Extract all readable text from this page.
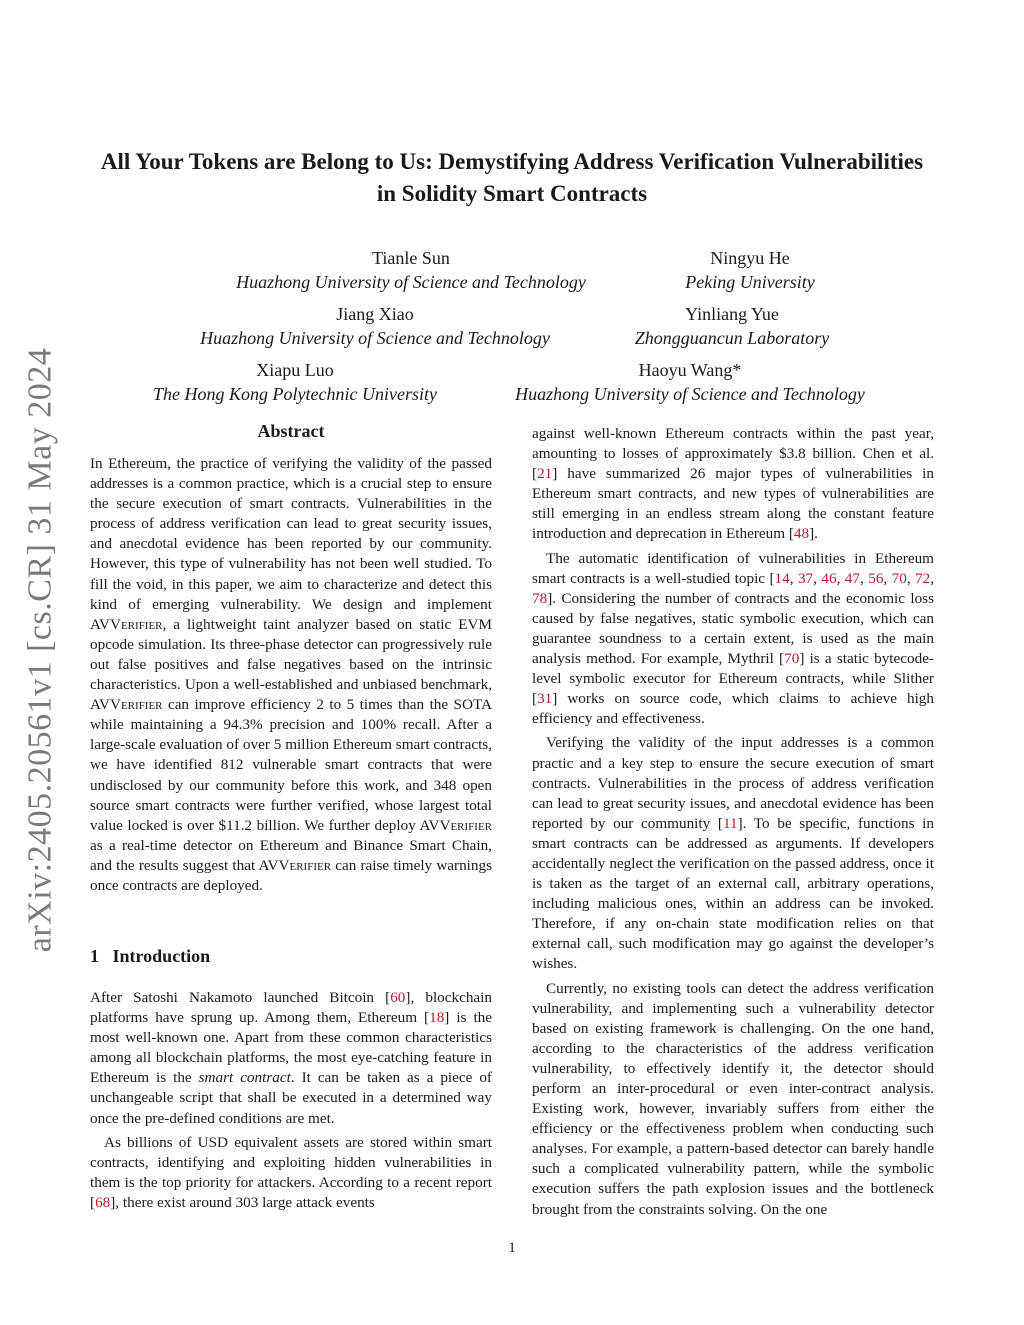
arXiv:2405.20561v1 [cs.CR] 31 May 2024
All Your Tokens are Belong to Us: Demystifying Address Verification Vulnerabilities
in Solidity Smart Contracts
Tianle Sun
Huazhong University of Science and Technology
Ningyu He
Peking University
Jiang Xiao
Huazhong University of Science and Technology
Yinliang Yue
Zhongguancun Laboratory
Xiapu Luo
The Hong Kong Polytechnic University
Haoyu Wang*
Huazhong University of Science and Technology
Abstract

In Ethereum, the practice of verifying the validity of the passed addresses is a common practice, which is a crucial step to ensure the secure execution of smart contracts. Vulnerabilities in the process of address verification can lead to great security issues, and anecdotal evidence has been reported by our community. However, this type of vulnerability has not been well studied. To fill the void, in this paper, we aim to characterize and detect this kind of emerging vulnerability. We design and implement AVVerifier, a lightweight taint analyzer based on static EVM opcode simulation. Its three-phase detector can progressively rule out false positives and false negatives based on the intrinsic characteristics. Upon a well-established and unbiased benchmark, AVVerifier can improve efficiency 2 to 5 times than the SOTA while maintaining a 94.3% precision and 100% recall. After a large-scale evaluation of over 5 million Ethereum smart contracts, we have identified 812 vulnerable smart contracts that were undisclosed by our community before this work, and 348 open source smart contracts were further verified, whose largest total value locked is over $11.2 billion. We further deploy AVVerifier as a real-time detector on Ethereum and Binance Smart Chain, and the results suggest that AVVerifier can raise timely warnings once contracts are deployed.

1 Introduction

After Satoshi Nakamoto launched Bitcoin [60], blockchain platforms have sprung up. Among them, Ethereum [18] is the most well-known one. Apart from these common characteristics among all blockchain platforms, the most eye-catching feature in Ethereum is the smart contract. It can be taken as a piece of unchangeable script that shall be executed in a determined way once the pre-defined conditions are met.

As billions of USD equivalent assets are stored within smart contracts, identifying and exploiting hidden vulnerabilities in them is the top priority for attackers. According to a recent report [68], there exist around 303 large attack events

against well-known Ethereum contracts within the past year, amounting to losses of approximately $3.8 billion. Chen et al. [21] have summarized 26 major types of vulnerabilities in Ethereum smart contracts, and new types of vulnerabilities are still emerging in an endless stream along the constant feature introduction and deprecation in Ethereum [48].

The automatic identification of vulnerabilities in Ethereum smart contracts is a well-studied topic [14, 37, 46, 47, 56, 70, 72, 78]. Considering the number of contracts and the economic loss caused by false negatives, static symbolic execution, which can guarantee soundness to a certain extent, is used as the main analysis method. For example, Mythril [70] is a static bytecode-level symbolic executor for Ethereum contracts, while Slither [31] works on source code, which claims to achieve high efficiency and effectiveness.

Verifying the validity of the input addresses is a common practic and a key step to ensure the secure execution of smart contracts. Vulnerabilities in the process of address verification can lead to great security issues, and anecdotal evidence has been reported by our community [11]. To be specific, functions in smart contracts can be addressed as arguments. If developers accidentally neglect the verification on the passed address, once it is taken as the target of an external call, arbitrary operations, including malicious ones, within an address can be invoked. Therefore, if any on-chain state modification relies on that external call, such modification may go against the developer’s wishes.

Currently, no existing tools can detect the address verification vulnerability, and implementing such a vulnerability detector based on existing framework is challenging. On the one hand, according to the characteristics of the address verification vulnerability, to effectively identify it, the detector should perform an inter-procedural or even inter-contract analysis. Existing work, however, invariably suffers from either the efficiency or the effectiveness problem when conducting such analyses. For example, a pattern-based detector can barely handle such a complicated vulnerability pattern, while the symbolic execution suffers the path explosion issues and the bottleneck brought from the constraints solving. On the one

1
